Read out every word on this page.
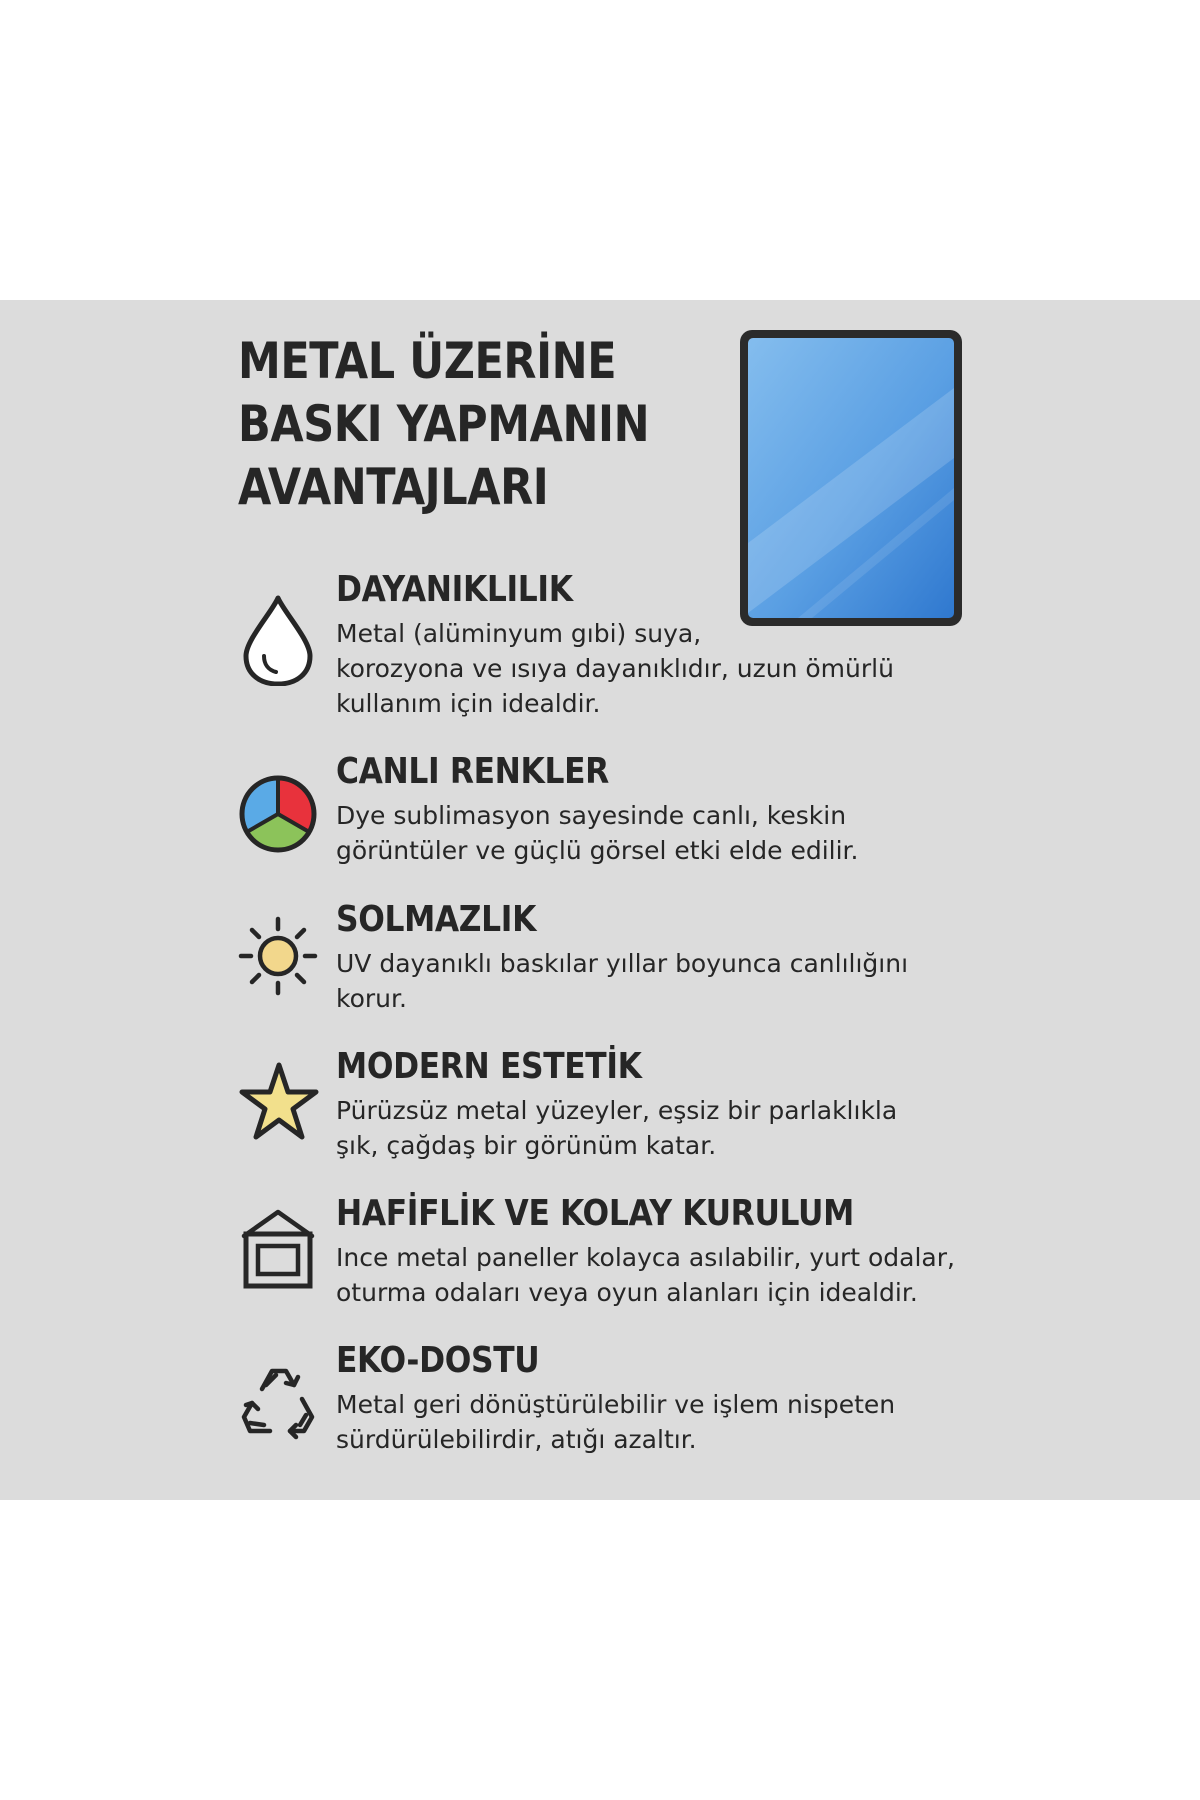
METAL ÜZERİNE
BASKI YAPMANIN
AVANTAJLARI
DAYANIKLILIK

Metal (alüminyum gıbi) suya,
korozyona ve ısıya dayanıklıdır, uzun ömürlü
kullanım için idealdir.

CANLI RENKLER

Dye sublimasyon sayesinde canlı, keskin
görüntüler ve güçlü görsel etki elde edilir.

SOLMAZLIK

UV dayanıklı baskılar yıllar boyunca canlılığını
korur.

MODERN ESTETİK

Pürüzsüz metal yüzeyler, eşsiz bir parlaklıkla
şık, çağdaş bir görünüm katar.

HAFİFLİK VE KOLAY KURULUM

Ince metal paneller kolayca asılabilir, yurt odalar,
oturma odaları veya oyun alanları için idealdir.

EKO-DOSTU

Metal geri dönüştürülebilir ve işlem nispeten
sürdürülebilirdir, atığı azaltır.
